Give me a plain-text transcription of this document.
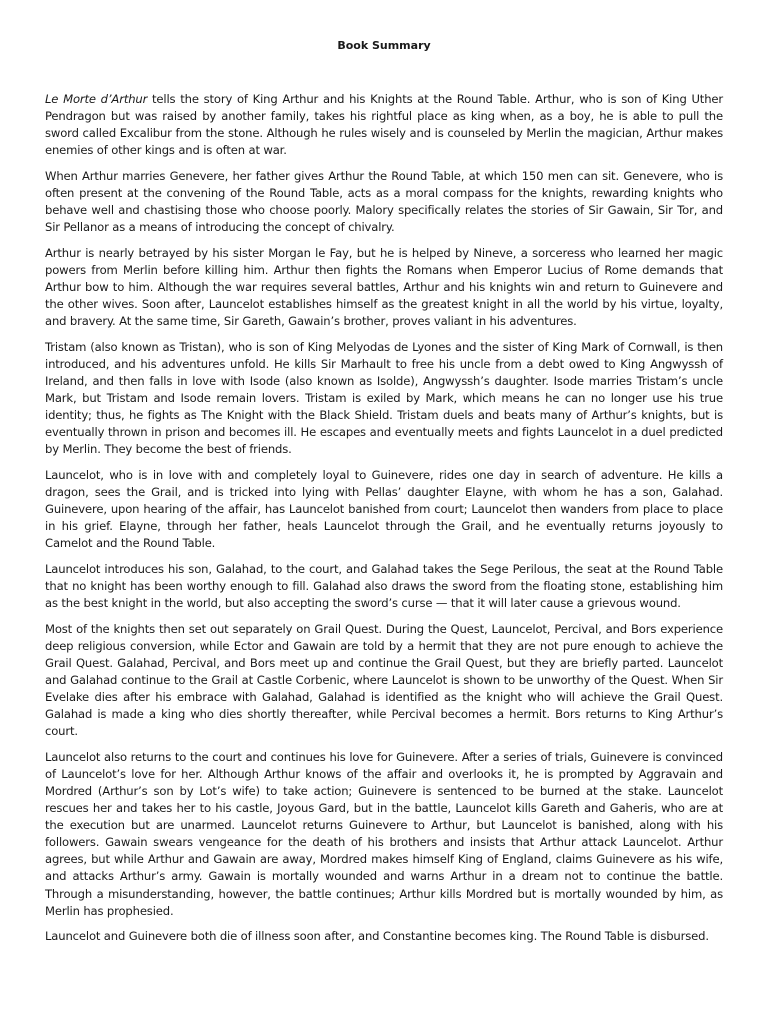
Book Summary

Le Morte d’Arthur tells the story of King Arthur and his Knights at the Round Table. Arthur, who is son of King Uther Pendragon but was raised by another family, takes his rightful place as king when, as a boy, he is able to pull the sword called Excalibur from the stone. Although he rules wisely and is counseled by Merlin the magician, Arthur makes enemies of other kings and is often at war.

When Arthur marries Genevere, her father gives Arthur the Round Table, at which 150 men can sit. Genevere, who is often present at the convening of the Round Table, acts as a moral compass for the knights, rewarding knights who behave well and chastising those who choose poorly. Malory specifically relates the stories of Sir Gawain, Sir Tor, and Sir Pellanor as a means of introducing the concept of chivalry.

Arthur is nearly betrayed by his sister Morgan le Fay, but he is helped by Nineve, a sorceress who learned her magic powers from Merlin before killing him. Arthur then fights the Romans when Emperor Lucius of Rome demands that Arthur bow to him. Although the war requires several battles, Arthur and his knights win and return to Guinevere and the other wives. Soon after, Launcelot establishes himself as the greatest knight in all the world by his virtue, loyalty, and bravery. At the same time, Sir Gareth, Gawain’s brother, proves valiant in his adventures.

Tristam (also known as Tristan), who is son of King Melyodas de Lyones and the sister of King Mark of Cornwall, is then introduced, and his adventures unfold. He kills Sir Marhault to free his uncle from a debt owed to King Angwyssh of Ireland, and then falls in love with Isode (also known as Isolde), Angwyssh’s daughter. Isode marries Tristam’s uncle Mark, but Tristam and Isode remain lovers. Tristam is exiled by Mark, which means he can no longer use his true identity; thus, he fights as The Knight with the Black Shield. Tristam duels and beats many of Arthur’s knights, but is eventually thrown in prison and becomes ill. He escapes and eventually meets and fights Launcelot in a duel predicted by Merlin. They become the best of friends.

Launcelot, who is in love with and completely loyal to Guinevere, rides one day in search of adventure. He kills a dragon, sees the Grail, and is tricked into lying with Pellas’ daughter Elayne, with whom he has a son, Galahad. Guinevere, upon hearing of the affair, has Launcelot banished from court; Launcelot then wanders from place to place in his grief. Elayne, through her father, heals Launcelot through the Grail, and he eventually returns joyously to Camelot and the Round Table.

Launcelot introduces his son, Galahad, to the court, and Galahad takes the Sege Perilous, the seat at the Round Table that no knight has been worthy enough to fill. Galahad also draws the sword from the floating stone, establishing him as the best knight in the world, but also accepting the sword’s curse — that it will later cause a grievous wound.

Most of the knights then set out separately on Grail Quest. During the Quest, Launcelot, Percival, and Bors experience deep religious conversion, while Ector and Gawain are told by a hermit that they are not pure enough to achieve the Grail Quest. Galahad, Percival, and Bors meet up and continue the Grail Quest, but they are briefly parted. Launcelot and Galahad continue to the Grail at Castle Corbenic, where Launcelot is shown to be unworthy of the Quest. When Sir Evelake dies after his embrace with Galahad, Galahad is identified as the knight who will achieve the Grail Quest. Galahad is made a king who dies shortly thereafter, while Percival becomes a hermit. Bors returns to King Arthur’s court.

Launcelot also returns to the court and continues his love for Guinevere. After a series of trials, Guinevere is convinced of Launcelot’s love for her. Although Arthur knows of the affair and overlooks it, he is prompted by Aggravain and Mordred (Arthur’s son by Lot’s wife) to take action; Guinevere is sentenced to be burned at the stake. Launcelot rescues her and takes her to his castle, Joyous Gard, but in the battle, Launcelot kills Gareth and Gaheris, who are at the execution but are unarmed. Launcelot returns Guinevere to Arthur, but Launcelot is banished, along with his followers. Gawain swears vengeance for the death of his brothers and insists that Arthur attack Launcelot. Arthur agrees, but while Arthur and Gawain are away, Mordred makes himself King of England, claims Guinevere as his wife, and attacks Arthur’s army. Gawain is mortally wounded and warns Arthur in a dream not to continue the battle. Through a misunderstanding, however, the battle continues; Arthur kills Mordred but is mortally wounded by him, as Merlin has prophesied.

Launcelot and Guinevere both die of illness soon after, and Constantine becomes king. The Round Table is disbursed.
